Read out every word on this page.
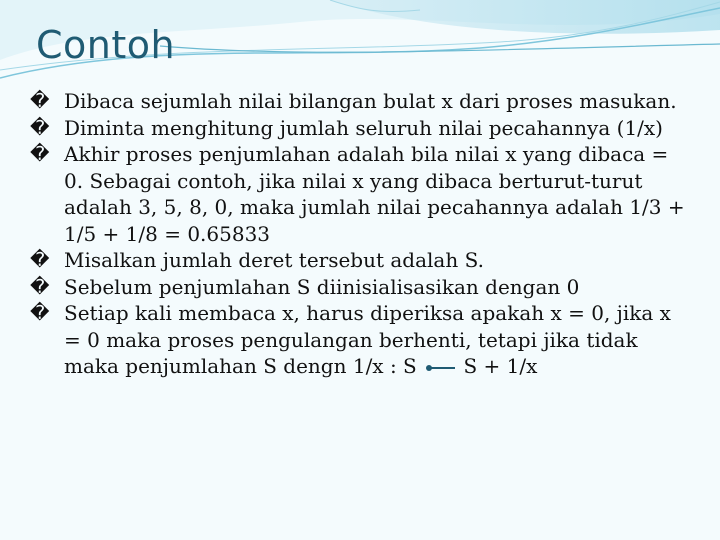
Contoh
� Dibaca sejumlah nilai bilangan bulat x dari proses masukan.
� Diminta menghitung jumlah seluruh nilai pecahannya (1/x)
� Akhir proses penjumlahan adalah bila nilai x yang dibaca = 0. Sebagai contoh, jika nilai x yang dibaca berturut-turut adalah 3, 5, 8, 0, maka jumlah nilai pecahannya adalah 1/3 + 1/5 + 1/8 = 0.65833
� Misalkan jumlah deret tersebut adalah S.
� Sebelum penjumlahan S diinisialisasikan dengan 0
� Setiap kali membaca x, harus diperiksa apakah x = 0, jika x = 0 maka proses pengulangan berhenti, tetapi jika tidak maka penjumlahan S dengn 1/x : S S + 1/x
